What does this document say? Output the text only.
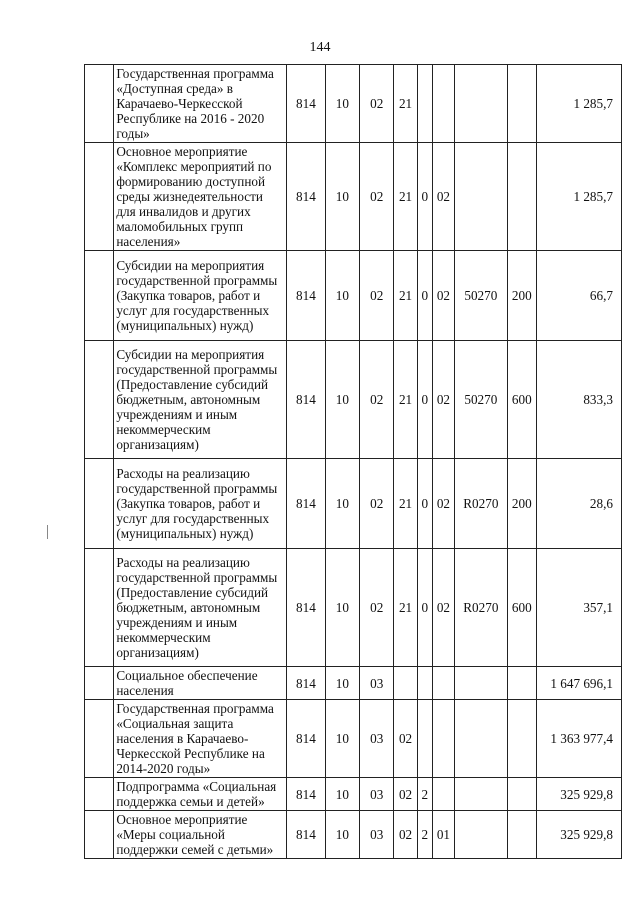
144
	Государственная программа «Доступная среда» в Карачаево-Черкесской Республике на 2016 - 2020 годы»	814	10	02	21					1 285,7
	Основное мероприятие «Комплекс мероприятий по формированию доступной среды жизнедеятельности для инвалидов и других маломобильных групп населения»	814	10	02	21	0	02			1 285,7
	Субсидии на мероприятия государственной программы (Закупка товаров, работ и услуг для государственных (муниципальных) нужд)	814	10	02	21	0	02	50270	200	66,7
	Субсидии на мероприятия государственной программы (Предоставление субсидий бюджетным, автономным учреждениям и иным некоммерческим организациям)	814	10	02	21	0	02	50270	600	833,3
	Расходы на реализацию государственной программы (Закупка товаров, работ и услуг для государственных (муниципальных) нужд)	814	10	02	21	0	02	R0270	200	28,6
	Расходы на реализацию государственной программы (Предоставление субсидий бюджетным, автономным учреждениям и иным некоммерческим организациям)	814	10	02	21	0	02	R0270	600	357,1
	Социальное обеспечение населения	814	10	03						1 647 696,1
	Государственная программа «Социальная защита населения в Карачаево-Черкесской Республике на 2014-2020 годы»	814	10	03	02					1 363 977,4
	Подпрограмма «Социальная поддержка семьи и детей»	814	10	03	02	2				325 929,8
	Основное мероприятие «Меры социальной поддержки семей с детьми»	814	10	03	02	2	01			325 929,8
